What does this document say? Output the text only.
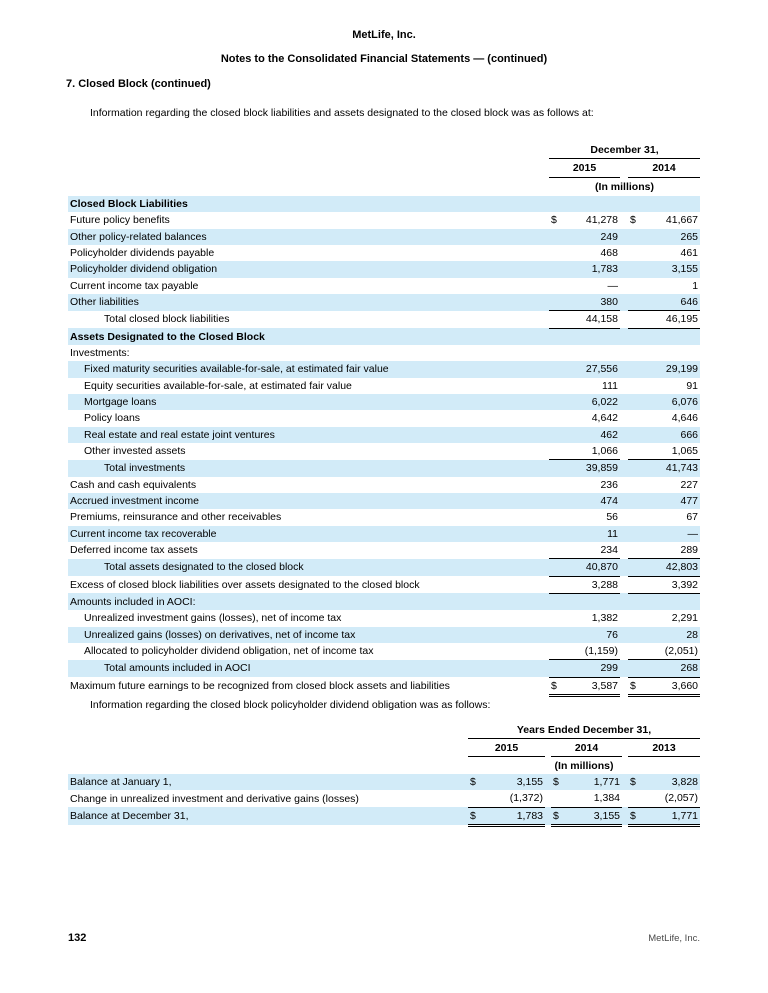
MetLife, Inc.
Notes to the Consolidated Financial Statements — (continued)
7. Closed Block (continued)

Information regarding the closed block liabilities and assets designated to the closed block was as follows at:

	December 31,				
	2015			2014	
	(In millions)				
Closed Block Liabilities					
Future policy benefits	$	41,278		$	41,667
Other policy-related balances		249			265
Policyholder dividends payable		468			461
Policyholder dividend obligation		1,783			3,155
Current income tax payable		—			1
Other liabilities		380			646
Total closed block liabilities		44,158			46,195
Assets Designated to the Closed Block					
Investments:					
Fixed maturity securities available-for-sale, at estimated fair value		27,556			29,199
Equity securities available-for-sale, at estimated fair value		111			91
Mortgage loans		6,022			6,076
Policy loans		4,642			4,646
Real estate and real estate joint ventures		462			666
Other invested assets		1,066			1,065
Total investments		39,859			41,743
Cash and cash equivalents		236			227
Accrued investment income		474			477
Premiums, reinsurance and other receivables		56			67
Current income tax recoverable		11			—
Deferred income tax assets		234			289
Total assets designated to the closed block		40,870			42,803
Excess of closed block liabilities over assets designated to the closed block		3,288			3,392
Amounts included in AOCI:					
Unrealized investment gains (losses), net of income tax		1,382			2,291
Unrealized gains (losses) on derivatives, net of income tax		76			28
Allocated to policyholder dividend obligation, net of income tax		(1,159)			(2,051)
Total amounts included in AOCI		299			268
Maximum future earnings to be recognized from closed block assets and liabilities	$	3,587		$	3,660

Information regarding the closed block policyholder dividend obligation was as follows:

	Years Ended December 31,							
	2015			2014			2013	
	(In millions)							
Balance at January 1,	$	3,155		$	1,771		$	3,828
Change in unrealized investment and derivative gains (losses)		(1,372)			1,384			(2,057)
Balance at December 31,	$	1,783		$	3,155		$	1,771
132	MetLife, Inc.
